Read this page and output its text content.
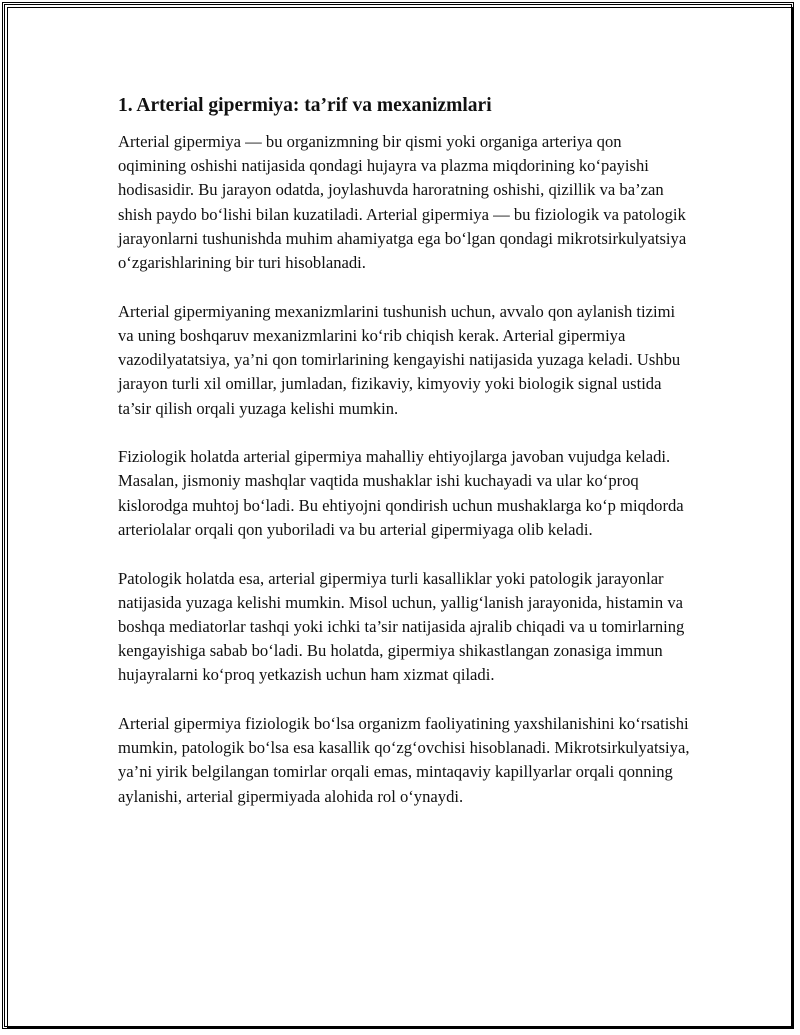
1. Arterial gipermiya: ta’rif va mexanizmlari

Arterial gipermiya — bu organizmning bir qismi yoki organiga arteriya qon oqimining oshishi natijasida qondagi hujayra va plazma miqdorining ko‘payishi hodisasidir. Bu jarayon odatda, joylashuvda haroratning oshishi, qizillik va ba’zan shish paydo bo‘lishi bilan kuzatiladi. Arterial gipermiya — bu fiziologik va patologik jarayonlarni tushunishda muhim ahamiyatga ega bo‘lgan qondagi mikrotsirkulyatsiya o‘zgarishlarining bir turi hisoblanadi.

Arterial gipermiyaning mexanizmlarini tushunish uchun, avvalo qon aylanish tizimi va uning boshqaruv mexanizmlarini ko‘rib chiqish kerak. Arterial gipermiya vazodilyatatsiya, ya’ni qon tomirlarining kengayishi natijasida yuzaga keladi. Ushbu jarayon turli xil omillar, jumladan, fizikaviy, kimyoviy yoki biologik signal ustida ta’sir qilish orqali yuzaga kelishi mumkin.

Fiziologik holatda arterial gipermiya mahalliy ehtiyojlarga javoban vujudga keladi. Masalan, jismoniy mashqlar vaqtida mushaklar ishi kuchayadi va ular ko‘proq kislorodga muhtoj bo‘ladi. Bu ehtiyojni qondirish uchun mushaklarga ko‘p miqdorda arteriolalar orqali qon yuboriladi va bu arterial gipermiyaga olib keladi.

Patologik holatda esa, arterial gipermiya turli kasalliklar yoki patologik jarayonlar natijasida yuzaga kelishi mumkin. Misol uchun, yallig‘lanish jarayonida, histamin va boshqa mediatorlar tashqi yoki ichki ta’sir natijasida ajralib chiqadi va u tomirlarning kengayishiga sabab bo‘ladi. Bu holatda, gipermiya shikastlangan zonasiga immun hujayralarni ko‘proq yetkazish uchun ham xizmat qiladi.

Arterial gipermiya fiziologik bo‘lsa organizm faoliyatining yaxshilanishini ko‘rsatishi mumkin, patologik bo‘lsa esa kasallik qo‘zg‘ovchisi hisoblanadi. Mikrotsirkulyatsiya, ya’ni yirik belgilangan tomirlar orqali emas, mintaqaviy kapillyarlar orqali qonning aylanishi, arterial gipermiyada alohida rol o‘ynaydi.
